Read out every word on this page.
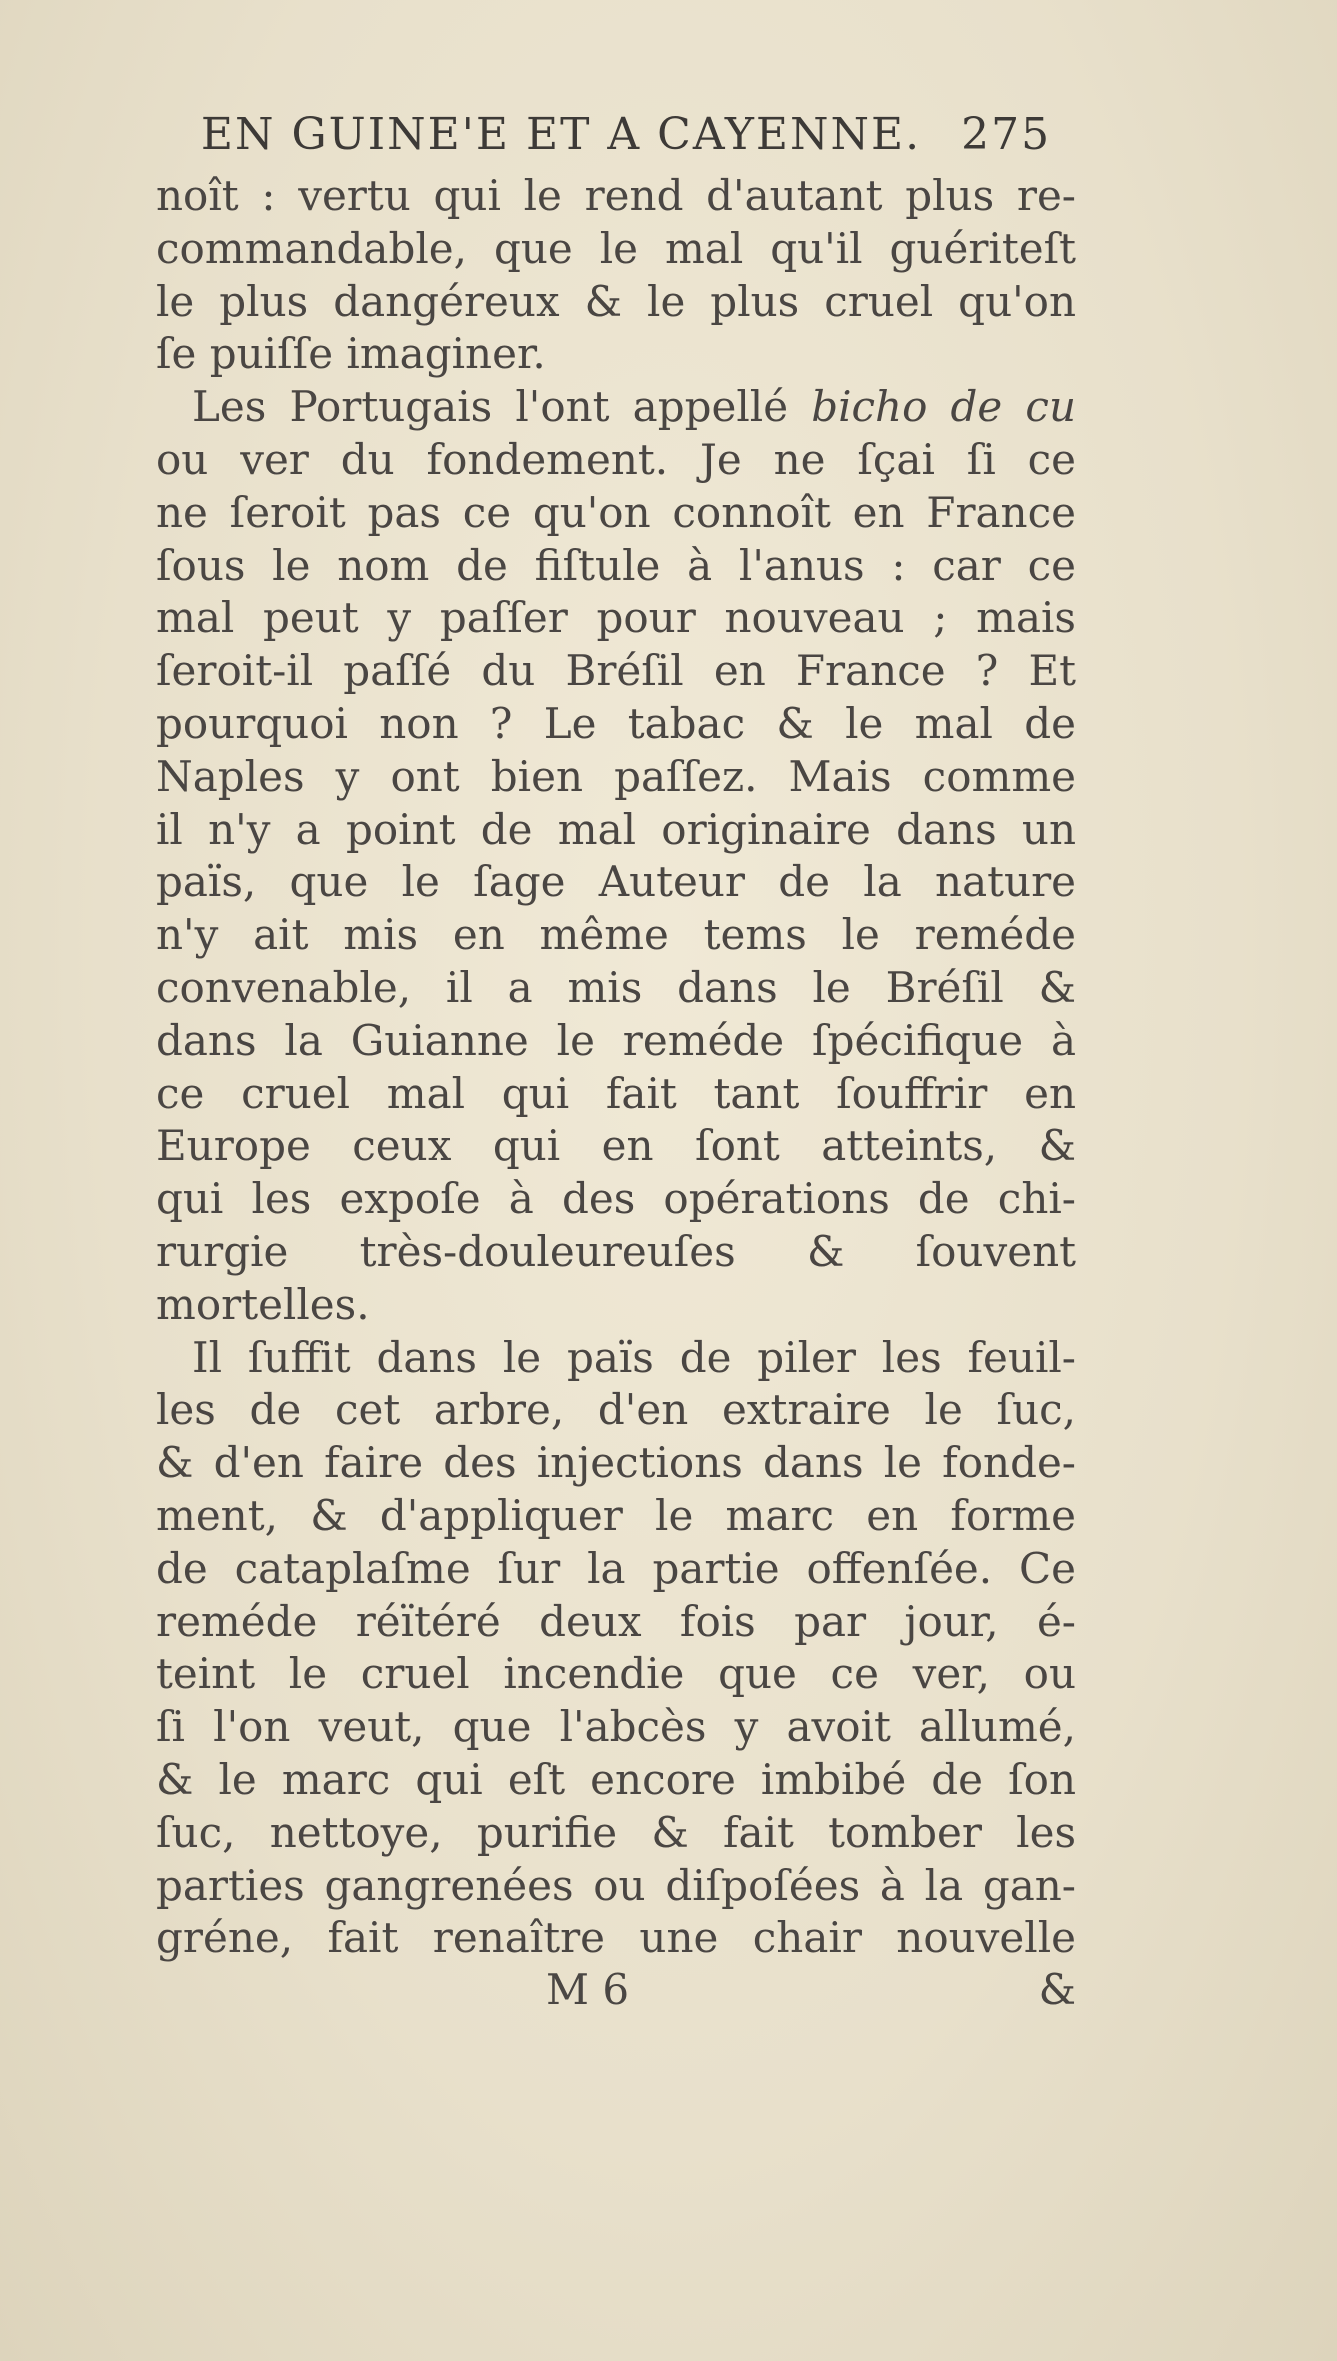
EN GUINE'E ET A CAYENNE. 275
noît : vertu qui le rend d'autant plus re-
commandable, que le mal qu'il guériteſt
le plus dangéreux & le plus cruel qu'on
ſe puiſſe imaginer.
Les Portugais l'ont appellé bicho de cu
ou ver du fondement. Je ne ſçai ſi ce
ne ſeroit pas ce qu'on connoît en France
ſous le nom de fiſtule à l'anus : car ce
mal peut y paſſer pour nouveau ; mais
ſeroit-il paſſé du Bréſil en France ? Et
pourquoi non ? Le tabac & le mal de
Naples y ont bien paſſez. Mais comme
il n'y a point de mal originaire dans un
païs, que le ſage Auteur de la nature
n'y ait mis en même tems le reméde
convenable, il a mis dans le Bréſil &
dans la Guianne le reméde ſpécifique à
ce cruel mal qui fait tant ſouffrir en
Europe ceux qui en ſont atteints, &
qui les expoſe à des opérations de chi-
rurgie très-douleureuſes & ſouvent
mortelles.
Il ſuffit dans le païs de piler les feuil-
les de cet arbre, d'en extraire le ſuc,
& d'en faire des injections dans le fonde-
ment, & d'appliquer le marc en forme
de cataplaſme ſur la partie offenſée. Ce
reméde réïtéré deux fois par jour, é-
teint le cruel incendie que ce ver, ou
ſi l'on veut, que l'abcès y avoit allumé,
& le marc qui eſt encore imbibé de ſon
ſuc, nettoye, purifie & fait tomber les
parties gangrenées ou diſpoſées à la gan-
gréne, fait renaître une chair nouvelle
M 6	&
